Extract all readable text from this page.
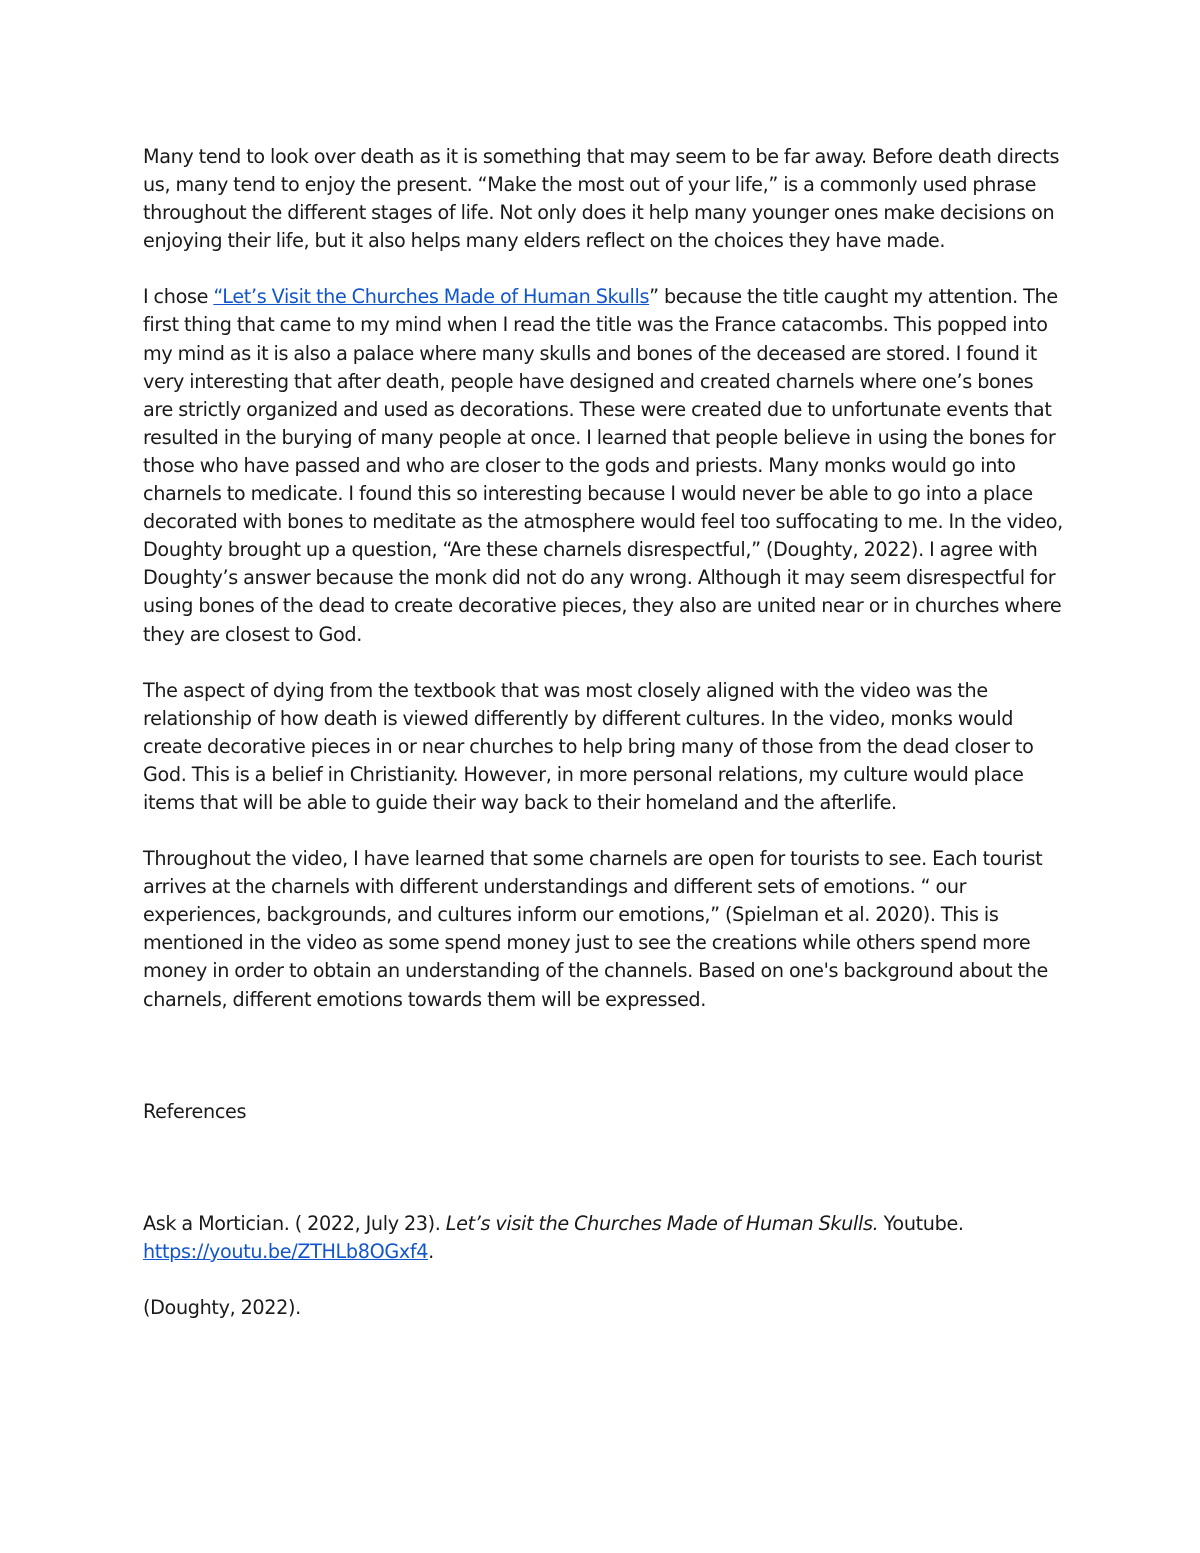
Many tend to look over death as it is something that may seem to be far away. Before death directs us, many tend to enjoy the present. “Make the most out of your life,” is a commonly used phrase throughout the different stages of life. Not only does it help many younger ones make decisions on enjoying their life, but it also helps many elders reflect on the choices they have made.

I chose “Let’s Visit the Churches Made of Human Skulls” because the title caught my attention. The first thing that came to my mind when I read the title was the France catacombs. This popped into my mind as it is also a palace where many skulls and bones of the deceased are stored. I found it very interesting that after death, people have designed and created charnels where one’s bones are strictly organized and used as decorations. These were created due to unfortunate events that resulted in the burying of many people at once. I learned that people believe in using the bones for those who have passed and who are closer to the gods and priests. Many monks would go into charnels to medicate. I found this so interesting because I would never be able to go into a place decorated with bones to meditate as the atmosphere would feel too suffocating to me. In the video, Doughty brought up a question, “Are these charnels disrespectful,” (Doughty, 2022). I agree with Doughty’s answer because the monk did not do any wrong. Although it may seem disrespectful for using bones of the dead to create decorative pieces, they also are united near or in churches where they are closest to God.

The aspect of dying from the textbook that was most closely aligned with the video was the relationship of how death is viewed differently by different cultures. In the video, monks would create decorative pieces in or near churches to help bring many of those from the dead closer to God. This is a belief in Christianity. However, in more personal relations, my culture would place items that will be able to guide their way back to their homeland and the afterlife.

Throughout the video, I have learned that some charnels are open for tourists to see. Each tourist arrives at the charnels with different understandings and different sets of emotions. “ our experiences, backgrounds, and cultures inform our emotions,” (Spielman et al. 2020). This is mentioned in the video as some spend money just to see the creations while others spend more money in order to obtain an understanding of the channels. Based on one's background about the charnels, different emotions towards them will be expressed.

References

Ask a Mortician. ( 2022, July 23). Let’s visit the Churches Made of Human Skulls. Youtube. https://youtu.be/ZTHLb8OGxf4.

(Doughty, 2022).
